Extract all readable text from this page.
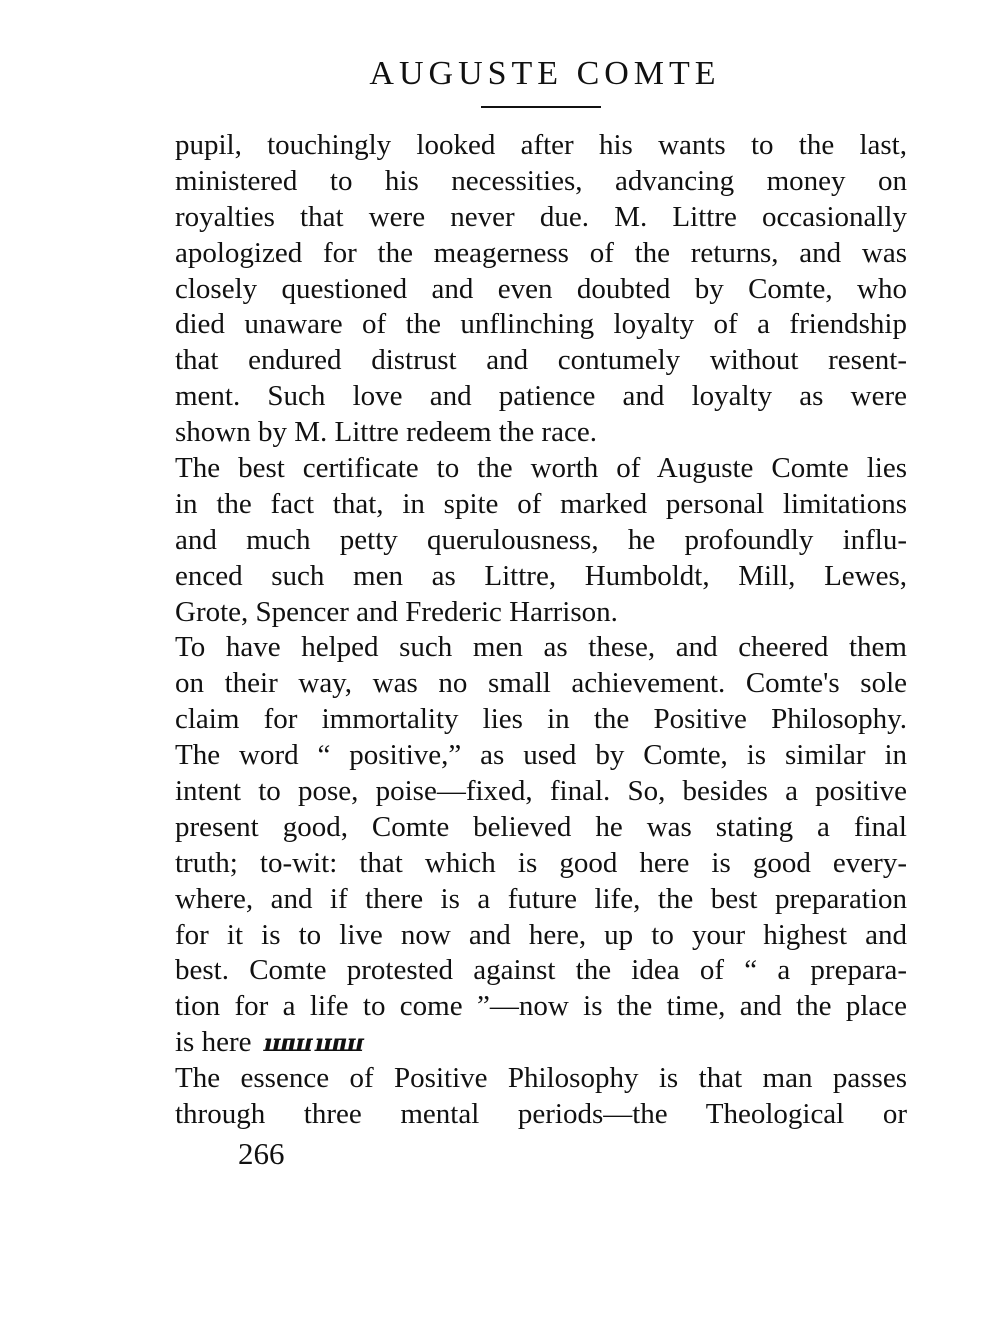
AUGUSTE COMTE
pupil, touchingly looked after his wants to the last,
ministered to his necessities, advancing money on
royalties that were never due. M. Littre occasionally
apologized for the meagerness of the returns, and was
closely questioned and even doubted by Comte, who
died unaware of the unflinching loyalty of a friendship
that endured distrust and contumely without resent-
ment. Such love and patience and loyalty as were
shown by M. Littre redeem the race.
The best certificate to the worth of Auguste Comte lies
in the fact that, in spite of marked personal limitations
and much petty querulousness, he profoundly influ-
enced such men as Littre, Humboldt, Mill, Lewes,
Grote, Spencer and Frederic Harrison.
To have helped such men as these, and cheered them
on their way, was no small achievement. Comte's sole
claim for immortality lies in the Positive Philosophy.
The word “ positive,” as used by Comte, is similar in
intent to pose, poise—fixed, final. So, besides a positive
present good, Comte believed he was stating a final
truth; to-wit: that which is good here is good every-
where, and if there is a future life, the best preparation
for it is to live now and here, up to your highest and
best. Comte protested against the idea of “ a prepara-
tion for a life to come ”—now is the time, and the place
is here ꟺꟺ ꟺꟺ
The essence of Positive Philosophy is that man passes
through three mental periods—the Theological or
266
